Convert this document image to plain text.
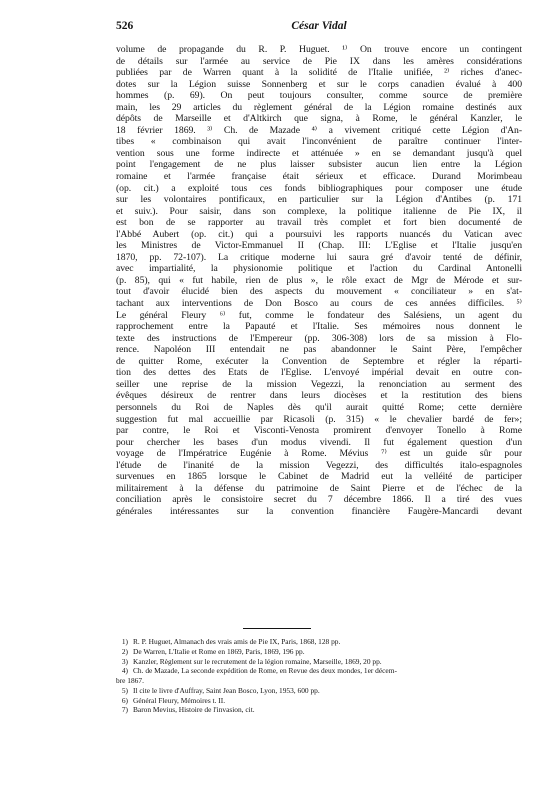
526	César Vidal
volume de propagande du R. P. Huguet. ¹⁾ On trouve encore un contingent
de détails sur l'armée au service de Pie IX dans les amères considérations
publiées par de Warren quant à la solidité de l'Italie unifiée, ²⁾ riches d'anec-
dotes sur la Légion suisse Sonnenberg et sur le corps canadien évalué à 400
hommes (p. 69). On peut toujours consulter, comme source de première
main, les 29 articles du règlement général de la Légion romaine destinés aux
dépôts de Marseille et d'Altkirch que signa, à Rome, le général Kanzler, le
18 février 1869. ³⁾ Ch. de Mazade ⁴⁾ a vivement critiqué cette Légion d'An-
tibes « combinaison qui avait l'inconvénient de paraître continuer l'inter-
vention sous une forme indirecte et atténuée » en se demandant jusqu'à quel
point l'engagement de ne plus laisser subsister aucun lien entre la Légion
romaine et l'armée française était sérieux et efficace. Durand Morimbeau
(op. cit.) a exploité tous ces fonds bibliographiques pour composer une étude
sur les volontaires pontificaux, en particulier sur la Légion d'Antibes (p. 171
et suiv.). Pour saisir, dans son complexe, la politique italienne de Pie IX, il
est bon de se rapporter au travail très complet et fort bien documenté de
l'Abbé Aubert (op. cit.) qui a poursuivi les rapports nuancés du Vatican avec
les Ministres de Victor-Emmanuel II (Chap. III: L'Eglise et l'Italie jusqu'en
1870, pp. 72-107). La critique moderne lui saura gré d'avoir tenté de définir,
avec impartialité, la physionomie politique et l'action du Cardinal Antonelli
(p. 85), qui « fut habile, rien de plus », le rôle exact de Mgr de Mérode et sur-
tout d'avoir élucidé bien des aspects du mouvement « conciliateur » en s'at-
tachant aux interventions de Don Bosco au cours de ces années difficiles. ⁵⁾
Le général Fleury ⁶⁾ fut, comme le fondateur des Salésiens, un agent du
rapprochement entre la Papauté et l'Italie. Ses mémoires nous donnent le
texte des instructions de l'Empereur (pp. 306-308) lors de sa mission à Flo-
rence. Napoléon III entendait ne pas abandonner le Saint Père, l'empêcher
de quitter Rome, exécuter la Convention de Septembre et régler la réparti-
tion des dettes des Etats de l'Eglise. L'envoyé impérial devait en outre con-
seiller une reprise de la mission Vegezzi, la renonciation au serment des
évêques désireux de rentrer dans leurs diocèses et la restitution des biens
personnels du Roi de Naples dès qu'il aurait quitté Rome; cette dernière
suggestion fut mal accueillie par Ricasoli (p. 315) « le chevalier bardé de fer»;
par contre, le Roi et Visconti-Venosta promirent d'envoyer Tonello à Rome
pour chercher les bases d'un modus vivendi. Il fut également question d'un
voyage de l'Impératrice Eugénie à Rome. Mévius ⁷⁾ est un guide sûr pour
l'étude de l'inanité de la mission Vegezzi, des difficultés italo-espagnoles
survenues en 1865 lorsque le Cabinet de Madrid eut la velléité de participer
militairement à la défense du patrimoine de Saint Pierre et de l'échec de la
conciliation après le consistoire secret du 7 décembre 1866. Il a tiré des vues
générales intéressantes sur la convention financière Faugère-Mancardi devant
1) R. P. Huguet, Almanach des vrais amis de Pie IX, Paris, 1868, 128 pp.
2) De Warren, L'Italie et Rome en 1869, Paris, 1869, 196 pp.
3) Kanzler, Règlement sur le recrutement de la légion romaine, Marseille, 1869, 20 pp.
4) Ch. de Mazade, La seconde expédition de Rome, en Revue des deux mondes, 1er décem-
bre 1867.
5) Il cite le livre d'Auffray, Saint Jean Bosco, Lyon, 1953, 600 pp.
6) Général Fleury, Mémoires t. II.
7) Baron Mevius, Histoire de l'invasion, cit.
